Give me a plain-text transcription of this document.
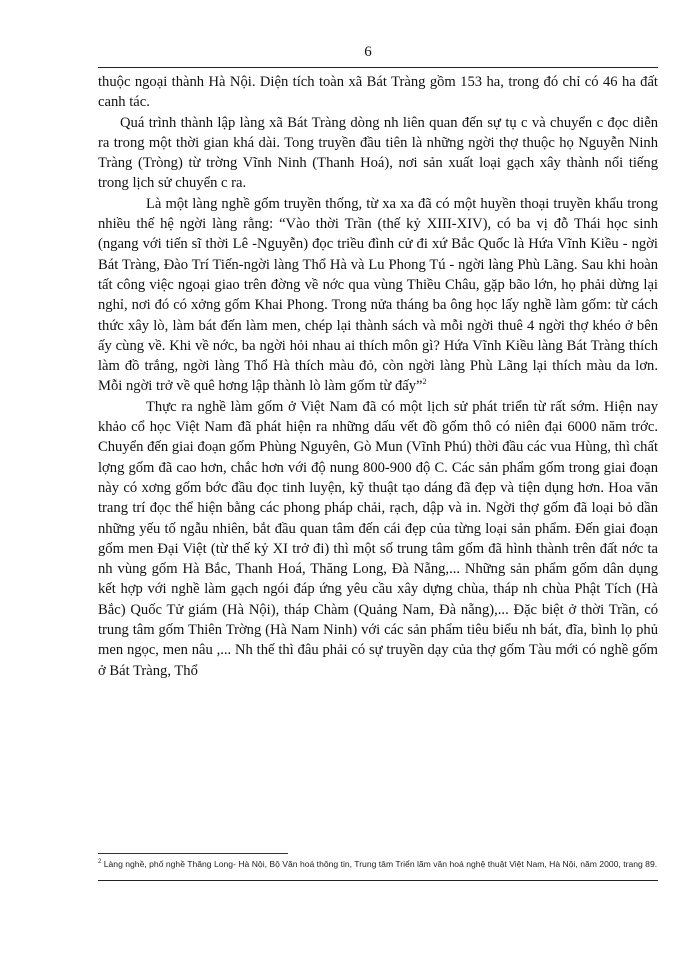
6

thuộc ngoại thành Hà Nội. Diện tích toàn xã Bát Tràng gồm 153 ha, trong đó chỉ có 46 ha đất canh tác.

Quá trình thành lập làng xã Bát Tràng dòng nh liên quan đến sự tụ c và chuyển c đọc diễn ra trong một thời gian khá dài. Tong truyền đầu tiên là những ngời thợ thuộc họ Nguyễn Ninh Tràng (Tròng) từ trờng Vĩnh Ninh (Thanh Hoá), nơi sản xuất loại gạch xây thành nổi tiếng trong lịch sử chuyển c ra.

Là một làng nghề gốm truyền thống, từ xa xa đã có một huyền thoại truyền khẩu trong nhiều thế hệ ngời làng rằng: “Vào thời Trần (thế kỷ XIII-XIV), có ba vị đỗ Thái học sinh (ngang với tiến sĩ thời Lê -Nguyễn) đọc triều đình cử đi xứ Bắc Quốc là Hứa Vĩnh Kiều - ngời Bát Tràng, Đào Trí Tiến-ngời làng Thổ Hà và Lu Phong Tú - ngời làng Phù Lãng. Sau khi hoàn tất công việc ngoại giao trên đờng về nớc qua vùng Thiều Châu, gặp bão lớn, họ phải dừng lại nghỉ, nơi đó có xởng gốm Khai Phong. Trong nửa tháng ba ông học lấy nghề làm gốm: từ cách thức xây lò, làm bát đến làm men, chép lại thành sách và mỗi ngời thuê 4 ngời thợ khéo ở bên ấy cùng về. Khi về nớc, ba ngời hỏi nhau ai thích môn gì? Hứa Vĩnh Kiều làng Bát Tràng thích làm đồ trắng, ngời làng Thổ Hà thích màu đỏ, còn ngời làng Phù Lãng lại thích màu da lơn. Mỗi ngời trở về quê hơng lập thành lò làm gốm từ đấy”$^2$

Thực ra nghề làm gốm ở Việt Nam đã có một lịch sử phát triển từ rất sớm. Hiện nay khảo cổ học Việt Nam đã phát hiện ra những dấu vết đồ gốm thô có niên đại 6000 năm trớc. Chuyển đến giai đoạn gốm Phùng Nguyên, Gò Mun (Vĩnh Phú) thời đầu các vua Hùng, thì chất lợng gốm đã cao hơn, chắc hơn với độ nung 800-900 độ C. Các sản phẩm gốm trong giai đoạn này có xơng gốm bớc đầu đọc tinh luyện, kỹ thuật tạo dáng đã đẹp và tiện dụng hơn. Hoa văn trang trí đọc thể hiện bằng các phong pháp chải, rạch, dập và in. Ngời thợ gốm đã loại bỏ dần những yếu tố ngẫu nhiên, bắt đầu quan tâm đến cái đẹp của từng loại sản phẩm. Đến giai đoạn gốm men Đại Việt (từ thế kỷ XI trở đi) thì một số trung tâm gốm đã hình thành trên đất nớc ta nh vùng gốm Hà Bắc, Thanh Hoá, Thăng Long, Đà Nẵng,... Những sản phẩm gốm dân dụng kết hợp với nghề làm gạch ngói đáp ứng yêu cầu xây dựng chùa, tháp nh chùa Phật Tích (Hà Bắc) Quốc Tử giám (Hà Nội), tháp Chàm (Quảng Nam, Đà nẵng),... Đặc biệt ở thời Trần, có trung tâm gốm Thiên Trờng (Hà Nam Ninh) với các sản phẩm tiêu biểu nh bát, đĩa, bình lọ phủ men ngọc, men nâu ,... Nh thế thì đâu phải có sự truyền dạy của thợ gốm Tàu mới có nghề gốm ở Bát Tràng, Thổ

$^2$ Làng nghề, phố nghề Thăng Long- Hà Nội, Bộ Văn hoá thông tin, Trung tâm Triển lãm văn hoá nghệ thuật Việt Nam, Hà Nội, năm 2000, trang 89.
